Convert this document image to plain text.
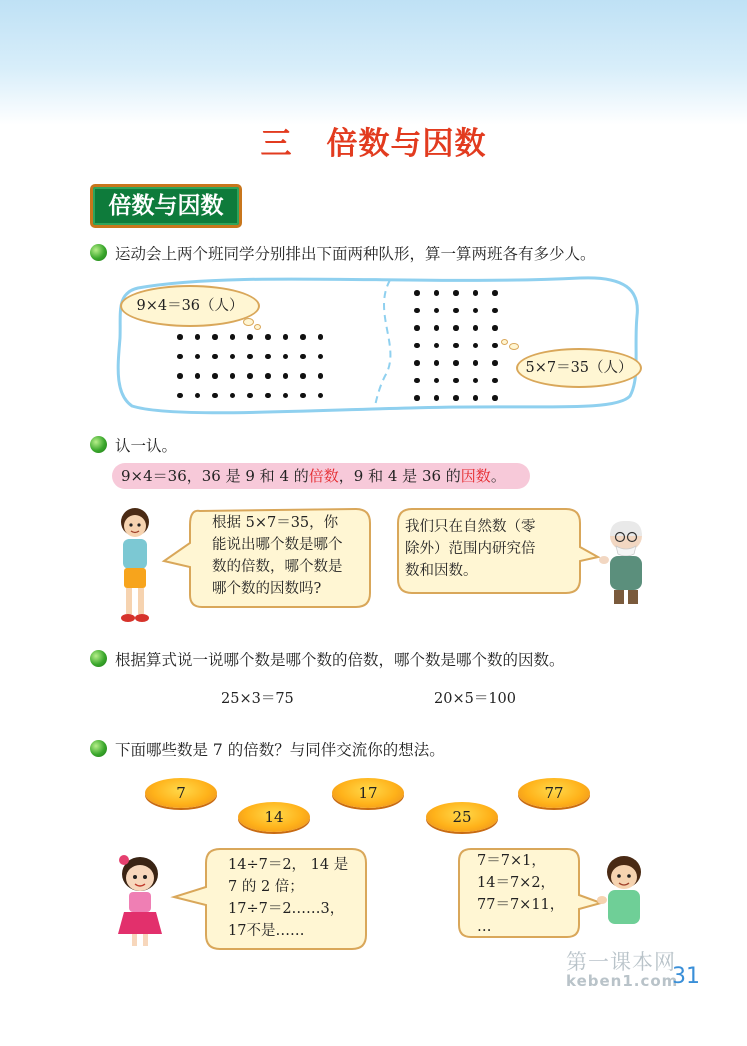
三 倍数与因数
倍数与因数
运动会上两个班同学分别排出下面两种队形，算一算两班各有多少人。
9×4＝36（人）
5×7＝35（人）
认一认。
9×4＝36，36 是 9 和 4 的倍数，9 和 4 是 36 的因数。
根据 5×7＝35，你
能说出哪个数是哪个
数的倍数，哪个数是
哪个数的因数吗?
我们只在自然数（零
除外）范围内研究倍
数和因数。
根据算式说一说哪个数是哪个数的倍数，哪个数是哪个数的因数。
25×3＝75	20×5＝100
下面哪些数是 7 的倍数？与同伴交流你的想法。
7
14
17
25
77
14÷7＝2， 14 是
7 的 2 倍；
17÷7＝2……3，
17不是……
7＝7×1，
14＝7×2，
77＝7×11，
…
第一课本网
keben1.com
31
